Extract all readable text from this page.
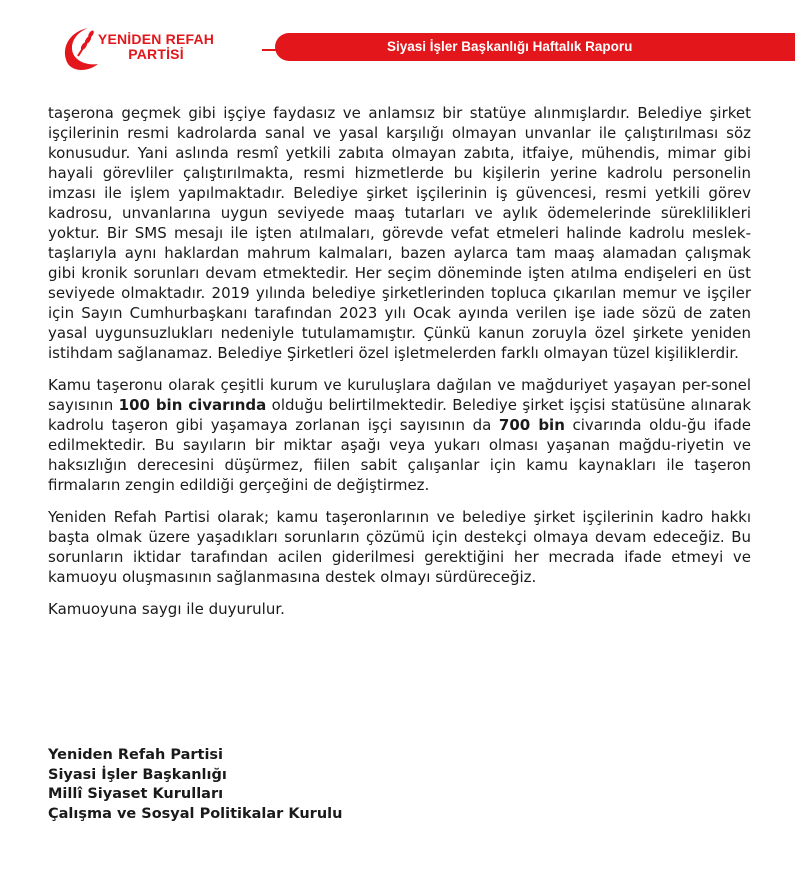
YENİDEN REFAH
PARTİSİ	Siyasi İşler Başkanlığı Haftalık Raporu

taşerona geçmek gibi işçiye faydasız ve anlamsız bir statüye alınmışlardır. Belediye şirket işçilerinin resmi kadrolarda sanal ve yasal karşılığı olmayan unvanlar ile çalıştırılması söz konusudur. Yani aslında resmî yetkili zabıta olmayan zabıta, itfaiye, mühendis, mimar gibi hayali görevliler çalıştırılmakta, resmi hizmetlerde bu kişilerin yerine kadrolu personelin imzası ile işlem yapılmaktadır. Belediye şirket işçilerinin iş güvencesi, resmi yetkili görev kadrosu, unvanlarına uygun seviyede maaş tutarları ve aylık ödemelerinde süreklilikleri yoktur. Bir SMS mesajı ile işten atılmaları, görevde vefat etmeleri halinde kadrolu meslek-taşlarıyla aynı haklardan mahrum kalmaları, bazen aylarca tam maaş alamadan çalışmak gibi kronik sorunları devam etmektedir. Her seçim döneminde işten atılma endişeleri en üst seviyede olmaktadır. 2019 yılında belediye şirketlerinden topluca çıkarılan memur ve işçiler için Sayın Cumhurbaşkanı tarafından 2023 yılı Ocak ayında verilen işe iade sözü de zaten yasal uygunsuzlukları nedeniyle tutulamamıştır. Çünkü kanun zoruyla özel şirkete yeniden istihdam sağlanamaz. Belediye Şirketleri özel işletmelerden farklı olmayan tüzel kişiliklerdir.

Kamu taşeronu olarak çeşitli kurum ve kuruluşlara dağılan ve mağduriyet yaşayan per-sonel sayısının 100 bin civarında olduğu belirtilmektedir. Belediye şirket işçisi statüsüne alınarak kadrolu taşeron gibi yaşamaya zorlanan işçi sayısının da 700 bin civarında oldu-ğu ifade edilmektedir. Bu sayıların bir miktar aşağı veya yukarı olması yaşanan mağdu-riyetin ve haksızlığın derecesini düşürmez, fiilen sabit çalışanlar için kamu kaynakları ile taşeron firmaların zengin edildiği gerçeğini de değiştirmez.

Yeniden Refah Partisi olarak; kamu taşeronlarının ve belediye şirket işçilerinin kadro hakkı başta olmak üzere yaşadıkları sorunların çözümü için destekçi olmaya devam edeceğiz. Bu sorunların iktidar tarafından acilen giderilmesi gerektiğini her mecrada ifade etmeyi ve kamuoyu oluşmasının sağlanmasına destek olmayı sürdüreceğiz.

Kamuoyuna saygı ile duyurulur.

Yeniden Refah Partisi
Siyasi İşler Başkanlığı
Millî Siyaset Kurulları
Çalışma ve Sosyal Politikalar Kurulu
